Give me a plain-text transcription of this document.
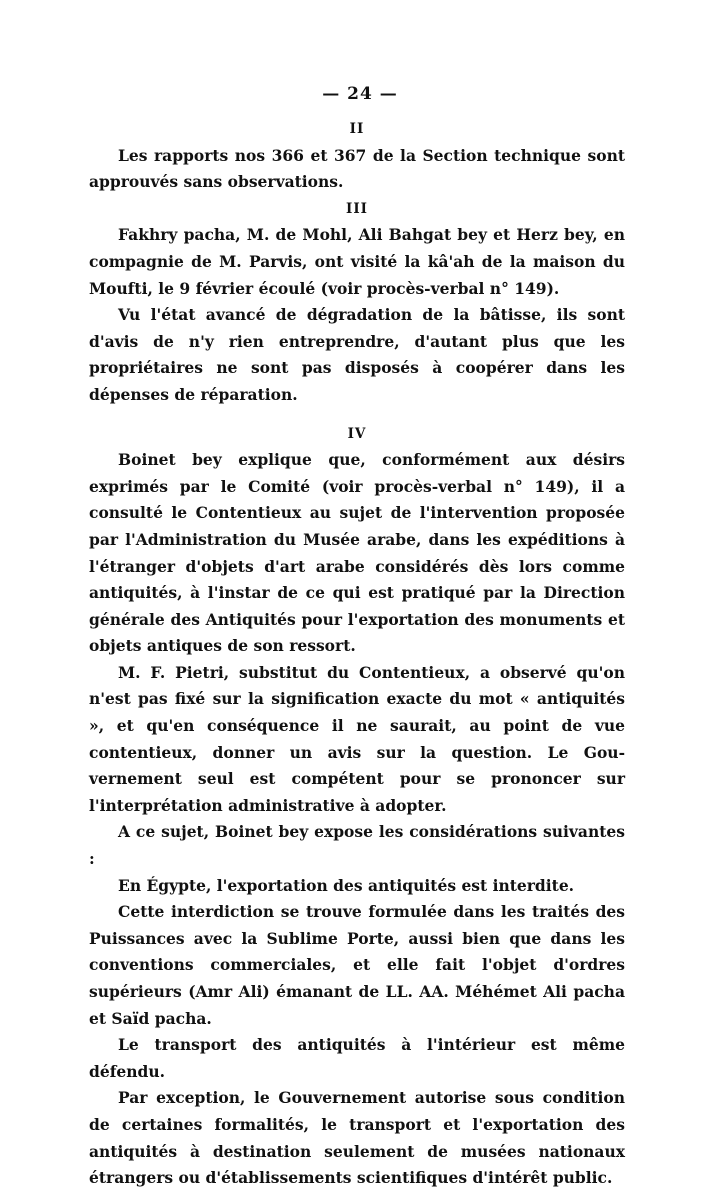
— 24 —
II

Les rapports nos 366 et 367 de la Section technique sont approuvés sans observations.

III

Fakhry pacha, M. de Mohl, Ali Bahgat bey et Herz bey, en compagnie de M. Parvis, ont visité la kâ'ah de la maison du Moufti, le 9 février écoulé (voir procès-verbal n° 149).

Vu l'état avancé de dégradation de la bâtisse, ils sont d'avis de n'y rien entreprendre, d'autant plus que les propriétaires ne sont pas disposés à coopérer dans les dépenses de réparation.

IV

Boinet bey explique que, conformément aux désirs exprimés par le Comité (voir procès-verbal n° 149), il a consulté le Contentieux au sujet de l'intervention proposée par l'Administration du Musée arabe, dans les expéditions à l'étranger d'objets d'art arabe considérés dès lors comme antiquités, à l'instar de ce qui est pratiqué par la Direction générale des Antiquités pour l'exportation des monuments et objets antiques de son ressort.

M. F. Pietri, substitut du Contentieux, a observé qu'on n'est pas fixé sur la signification exacte du mot « antiquités », et qu'en conséquence il ne saurait, au point de vue contentieux, donner un avis sur la question. Le Gouvernement seul est compétent pour se prononcer sur l'interprétation administrative à adopter.

A ce sujet, Boinet bey expose les considérations suivantes :

En Égypte, l'exportation des antiquités est interdite.

Cette interdiction se trouve formulée dans les traités des Puissances avec la Sublime Porte, aussi bien que dans les conventions commerciales, et elle fait l'objet d'ordres supérieurs (Amr Ali) émanant de LL. AA. Méhémet Ali pacha et Saïd pacha.

Le transport des antiquités à l'intérieur est même défendu.

Par exception, le Gouvernement autorise sous condition de certaines formalités, le transport et l'exportation des antiquités à destination seulement de musées nationaux étrangers ou d'établissements scientifiques d'intérêt public.
